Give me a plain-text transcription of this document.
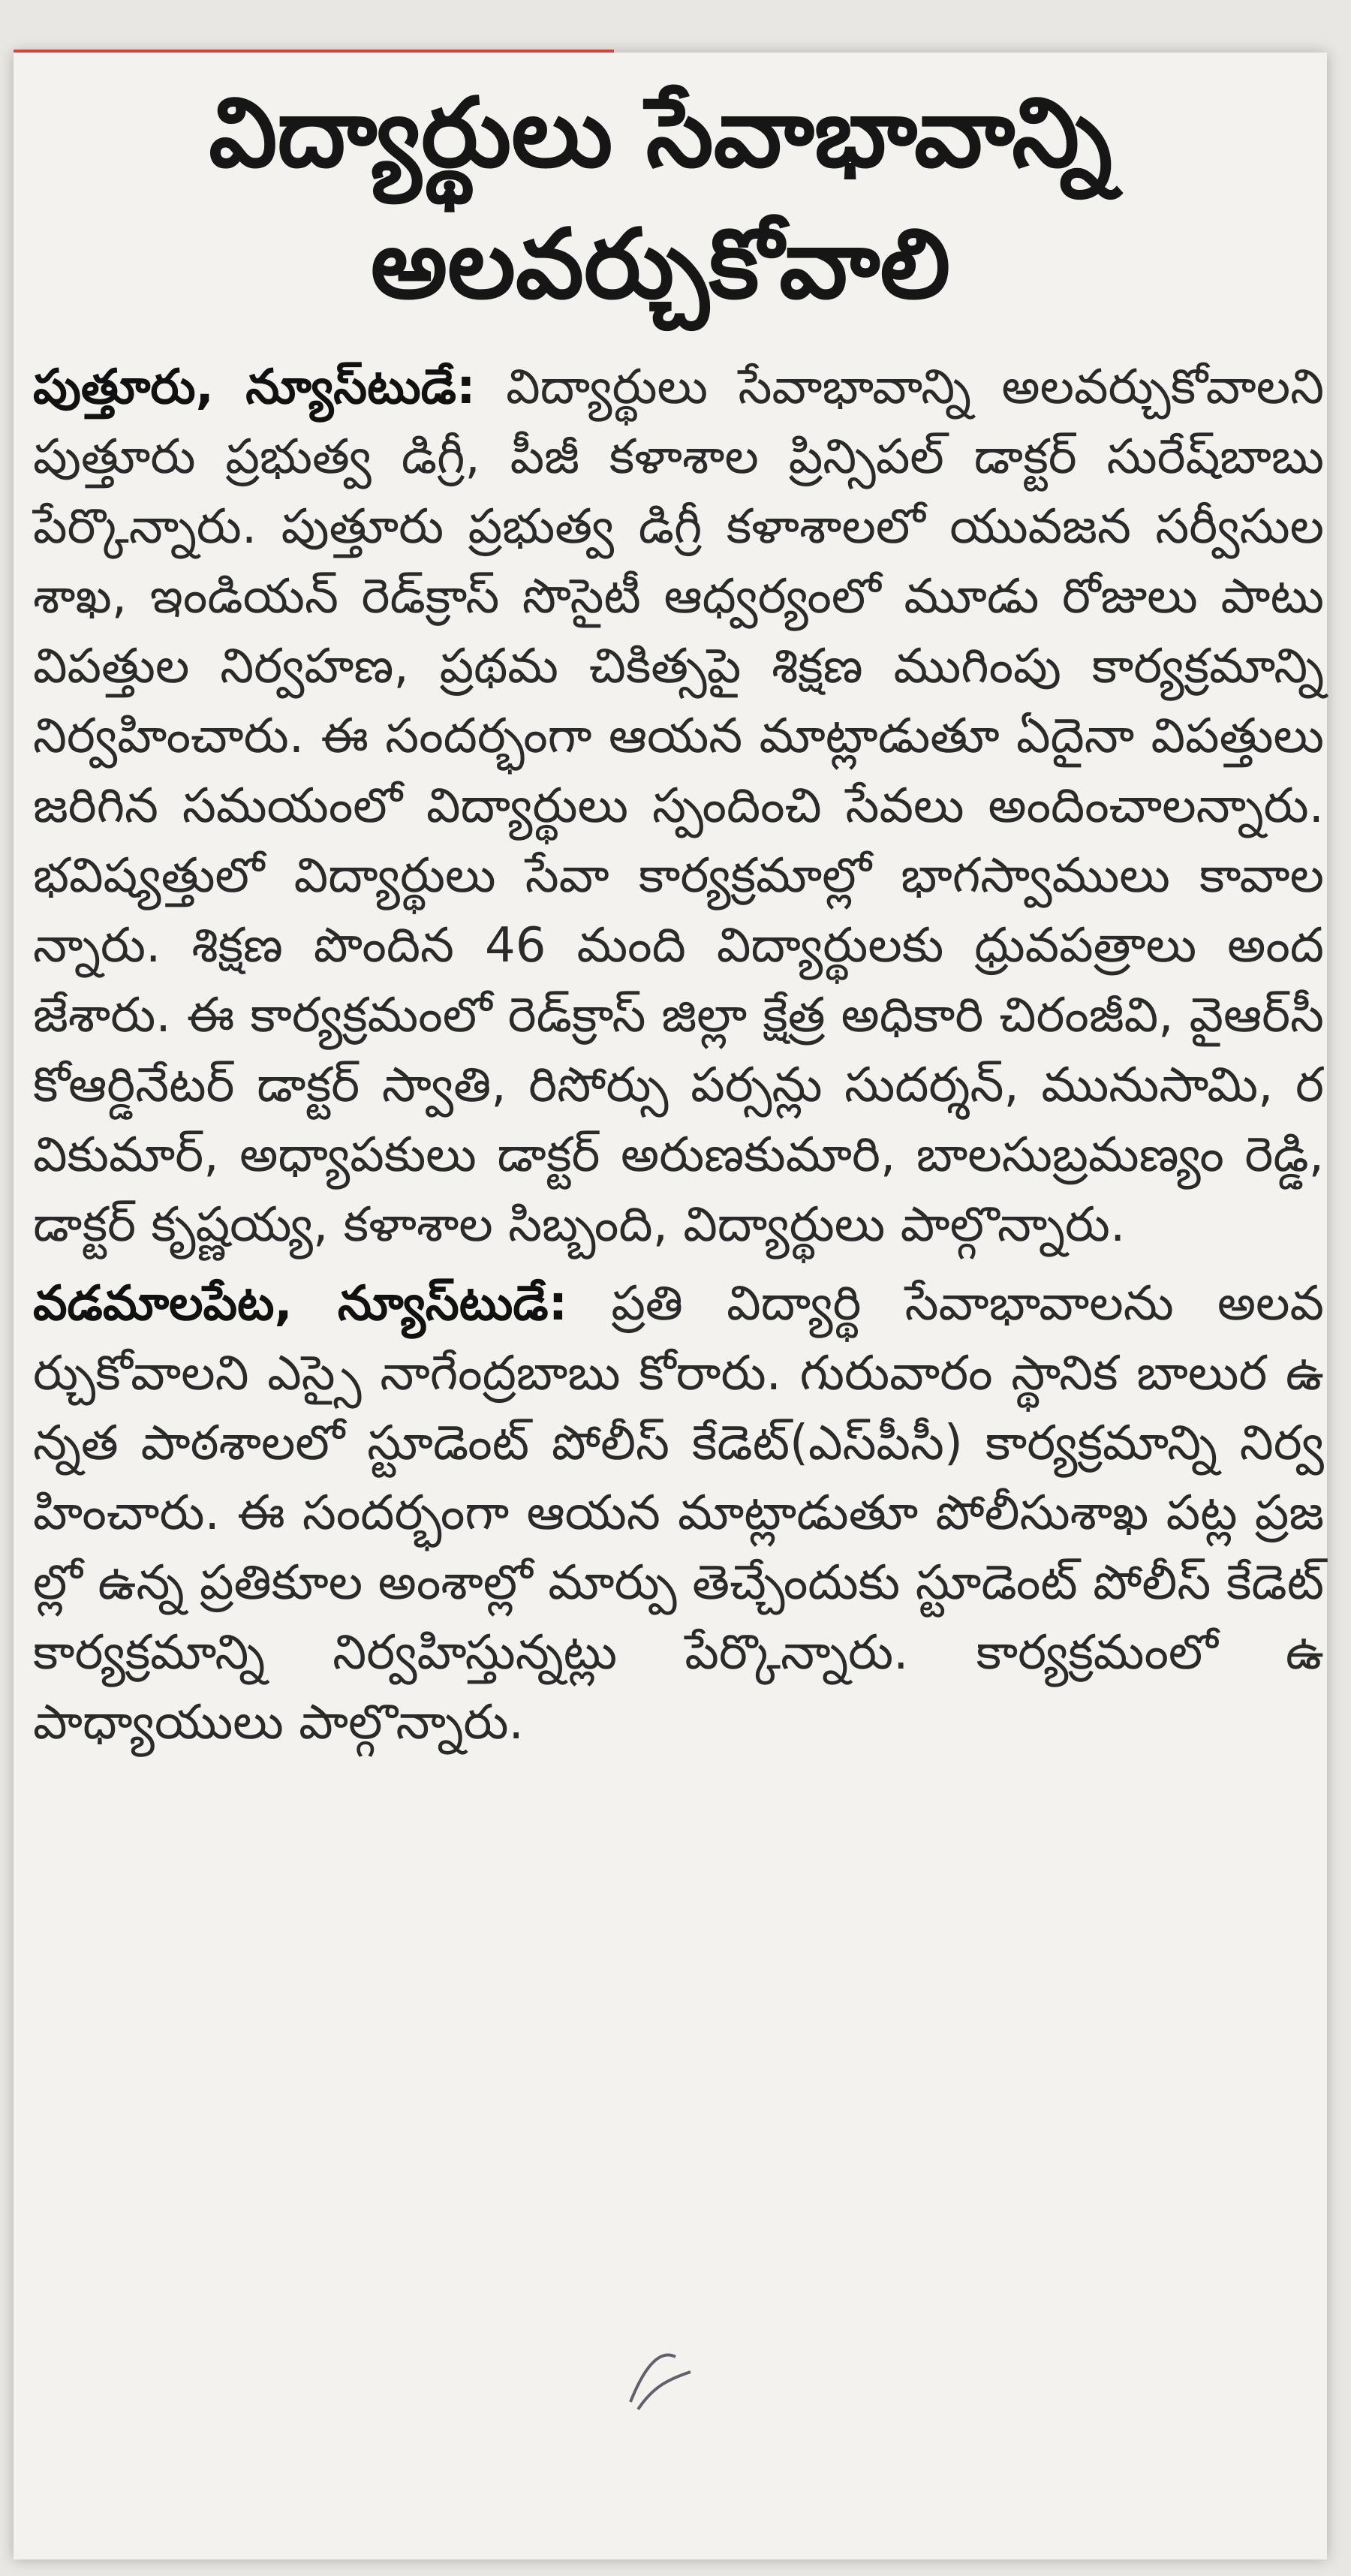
విద్యార్థులు సేవాభావాన్ని
అలవర్చుకోవాలి

పుత్తూరు, న్యూస్‌టుడే: విద్యార్థులు సేవాభావాన్ని అలవర్చుకోవాలని పుత్తూరు ప్రభుత్వ డిగ్రీ, పీజీ కళాశాల ప్రిన్సిపల్ డాక్టర్ సురేష్‌బాబు పేర్కొన్నారు. పుత్తూరు ప్రభుత్వ డిగ్రీ కళాశాలలో యువజన సర్వీసులశాఖ, ఇండియన్ రెడ్‌క్రాస్ సొసైటీ ఆధ్వర్యంలో మూడు రోజులు పాటు విపత్తుల నిర్వహణ, ప్రథమ చికిత్సపై శిక్షణ ముగింపు కార్యక్రమాన్ని నిర్వహించారు. ఈ సందర్భంగా ఆయన మాట్లాడుతూ ఏదైనా విపత్తులు జరిగిన సమయంలో విద్యార్థులు స్పందించి సేవలు అందించాలన్నారు. భవిష్యత్తులో విద్యార్థులు సేవా కార్యక్రమాల్లో భాగస్వాములు కావాలన్నారు. శిక్షణ పొందిన 46 మంది విద్యార్థులకు ధ్రువపత్రాలు అందజేశారు. ఈ కార్యక్రమంలో రెడ్‌క్రాస్ జిల్లా క్షేత్ర అధికారి చిరంజీవి, వైఆర్‌సీ కోఆర్డినేటర్ డాక్టర్ స్వాతి, రిసోర్సు పర్సన్లు సుదర్శన్, మునుసామి, రవికుమార్, అధ్యాపకులు డాక్టర్ అరుణకుమారి, బాలసుబ్రమణ్యం రెడ్డి, డాక్టర్ కృష్ణయ్య, కళాశాల సిబ్బంది, విద్యార్థులు పాల్గొన్నారు.

వడమాలపేట, న్యూస్‌టుడే: ప్రతి విద్యార్థి సేవాభావాలను అలవర్చుకోవాలని ఎస్సై నాగేంద్రబాబు కోరారు. గురువారం స్థానిక బాలుర ఉన్నత పాఠశాలలో స్టూడెంట్ పోలీస్ కేడెట్(ఎస్‌పీసీ) కార్యక్రమాన్ని నిర్వహించారు. ఈ సందర్భంగా ఆయన మాట్లాడుతూ పోలీసుశాఖ పట్ల ప్రజల్లో ఉన్న ప్రతికూల అంశాల్లో మార్పు తెచ్చేందుకు స్టూడెంట్ పోలీస్ కేడెట్ కార్యక్రమాన్ని నిర్వహిస్తున్నట్లు పేర్కొన్నారు. కార్యక్రమంలో ఉపాధ్యాయులు పాల్గొన్నారు.
